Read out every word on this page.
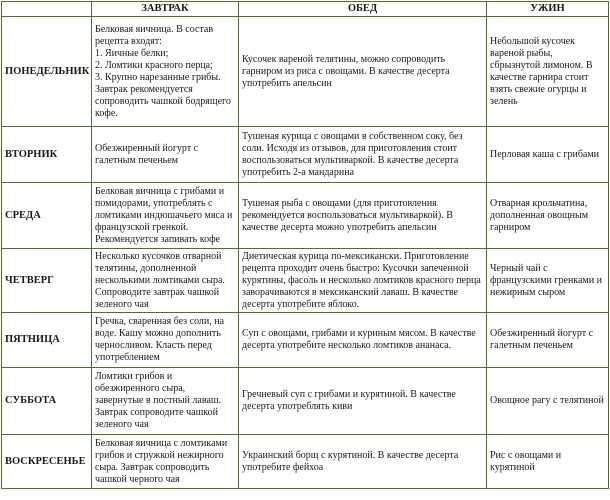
	ЗАВТРАК	ОБЕД	УЖИН
ПОНЕДЕЛЬНИК	Белковая яичница. В состав рецепта входят:
1. Яичные белки;
2. Ломтики красного перца;
3. Крупно нарезанные грибы. Завтрак рекомендуется сопроводить чашкой бодрящего кофе.	Кусочек вареной телятины, можно сопроводить гарниром из риса с овощами. В качестве десерта употребить апельсин	Небольшой кусочек вареной рыбы, сбрызнутой лимоном. В качестве гарнира стоит взять свежие огурцы и зелень
ВТОРНИК	Обезжиренный йогурт с галетным печеньем	Тушеная курица с овощами в собственном соку, без соли. Исходя из отзывов, для приготовления стоит воспользоваться мультиваркой. В качестве десерта употребить 2-а мандарина	Перловая каша с грибами
СРЕДА	Белковая яичница с грибами и помидорами, употреблять с ломтиками индюшачьего мяса и французской гренкой. Рекомендуется запивать кофе	Тушеная рыба с овощами (для приготовления рекомендуется воспользоваться мультиваркой). В качестве десерта можно употребить апельсин	Отварная крольчатина, дополненная овощным гарниром
ЧЕТВЕРГ	Несколько кусочков отварной телятины, дополненной несколькими ломтиками сыра. Сопроводите завтрак чашкой зеленого чая	Диетическая курица по-мексикански. Приготовление рецепта проходит очень быстро: Кусочки запеченной курятины, фасоль и несколько ломтиков красного перца заворачиваются в мексиканский лаваш. В качестве десерта употребите яблоко.	Черный чай с французскими гренками и нежирным сыром
ПЯТНИЦА	Гречка, сваренная без соли, на воде. Кашу можно дополнить черносливом. Класть перед употреблением	Суп с овощами, грибами и куриным мясом. В качестве десерта употребите несколько ломтиков ананаса.	Обезжиренный йогурт с галетным печеньем
СУББОТА	Ломтики грибов и обезжиренного сыра, завернутые в постный лаваш. Завтрак сопроводите чашкой зеленого чая	Гречневый суп с грибами и курятиной. В качестве десерта употреблять киви	Овощное рагу с телятиной
ВОСКРЕСЕНЬЕ	Белковая яичница с ломтиками грибов и стружкой нежирного сыра. Завтрак сопроводить чашкой черного чая	Украинский борщ с курятиной. В качестве десерта употребите фейхоа	Рис с овощами и курятиной
